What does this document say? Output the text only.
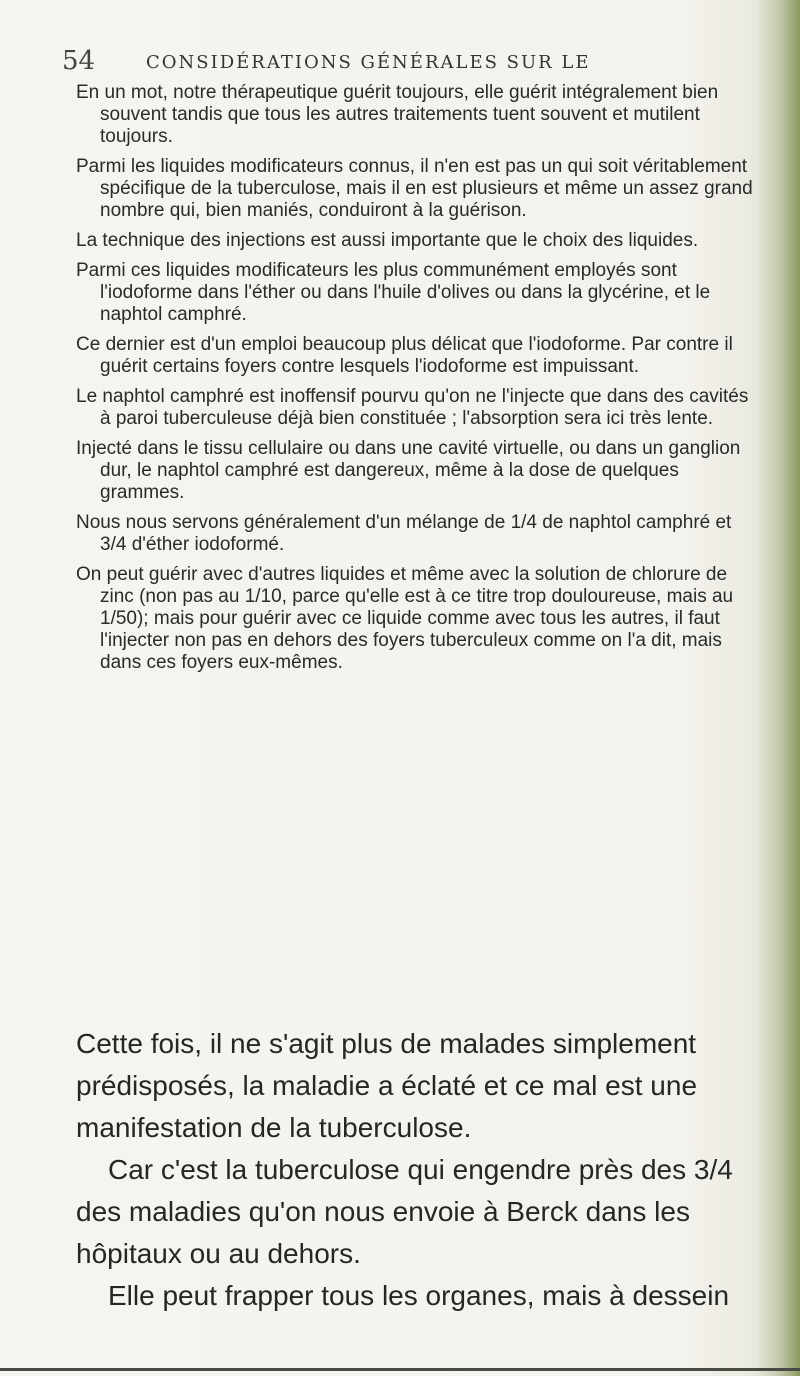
54	CONSIDÉRATIONS GÉNÉRALES SUR LE

En un mot, notre thérapeutique guérit toujours, elle guérit intégralement bien souvent tandis que tous les autres traitements tuent souvent et mutilent toujours.

Parmi les liquides modificateurs connus, il n'en est pas un qui soit véritablement spécifique de la tuberculose, mais il en est plusieurs et même un assez grand nombre qui, bien maniés, conduiront à la guérison.

La technique des injections est aussi importante que le choix des liquides.

Parmi ces liquides modificateurs les plus communément employés sont l'iodoforme dans l'éther ou dans l'huile d'olives ou dans la glycérine, et le naphtol camphré.

Ce dernier est d'un emploi beaucoup plus délicat que l'iodoforme. Par contre il guérit certains foyers contre lesquels l'iodoforme est impuissant.

Le naphtol camphré est inoffensif pourvu qu'on ne l'injecte que dans des cavités à paroi tuberculeuse déjà bien constituée ; l'absorption sera ici très lente.

Injecté dans le tissu cellulaire ou dans une cavité virtuelle, ou dans un ganglion dur, le naphtol camphré est dangereux, même à la dose de quelques grammes.

Nous nous servons généralement d'un mélange de 1/4 de naphtol camphré et 3/4 d'éther iodoformé.

On peut guérir avec d'autres liquides et même avec la solution de chlorure de zinc (non pas au 1/10, parce qu'elle est à ce titre trop douloureuse, mais au 1/50); mais pour guérir avec ce liquide comme avec tous les autres, il faut l'injecter non pas en dehors des foyers tuberculeux comme on l'a dit, mais dans ces foyers eux-mêmes.

Cette fois, il ne s'agit plus de malades simplement prédisposés, la maladie a éclaté et ce mal est une manifestation de la tuberculose.

Car c'est la tuberculose qui engendre près des 3/4 des maladies qu'on nous envoie à Berck dans les hôpitaux ou au dehors.

Elle peut frapper tous les organes, mais à dessein
